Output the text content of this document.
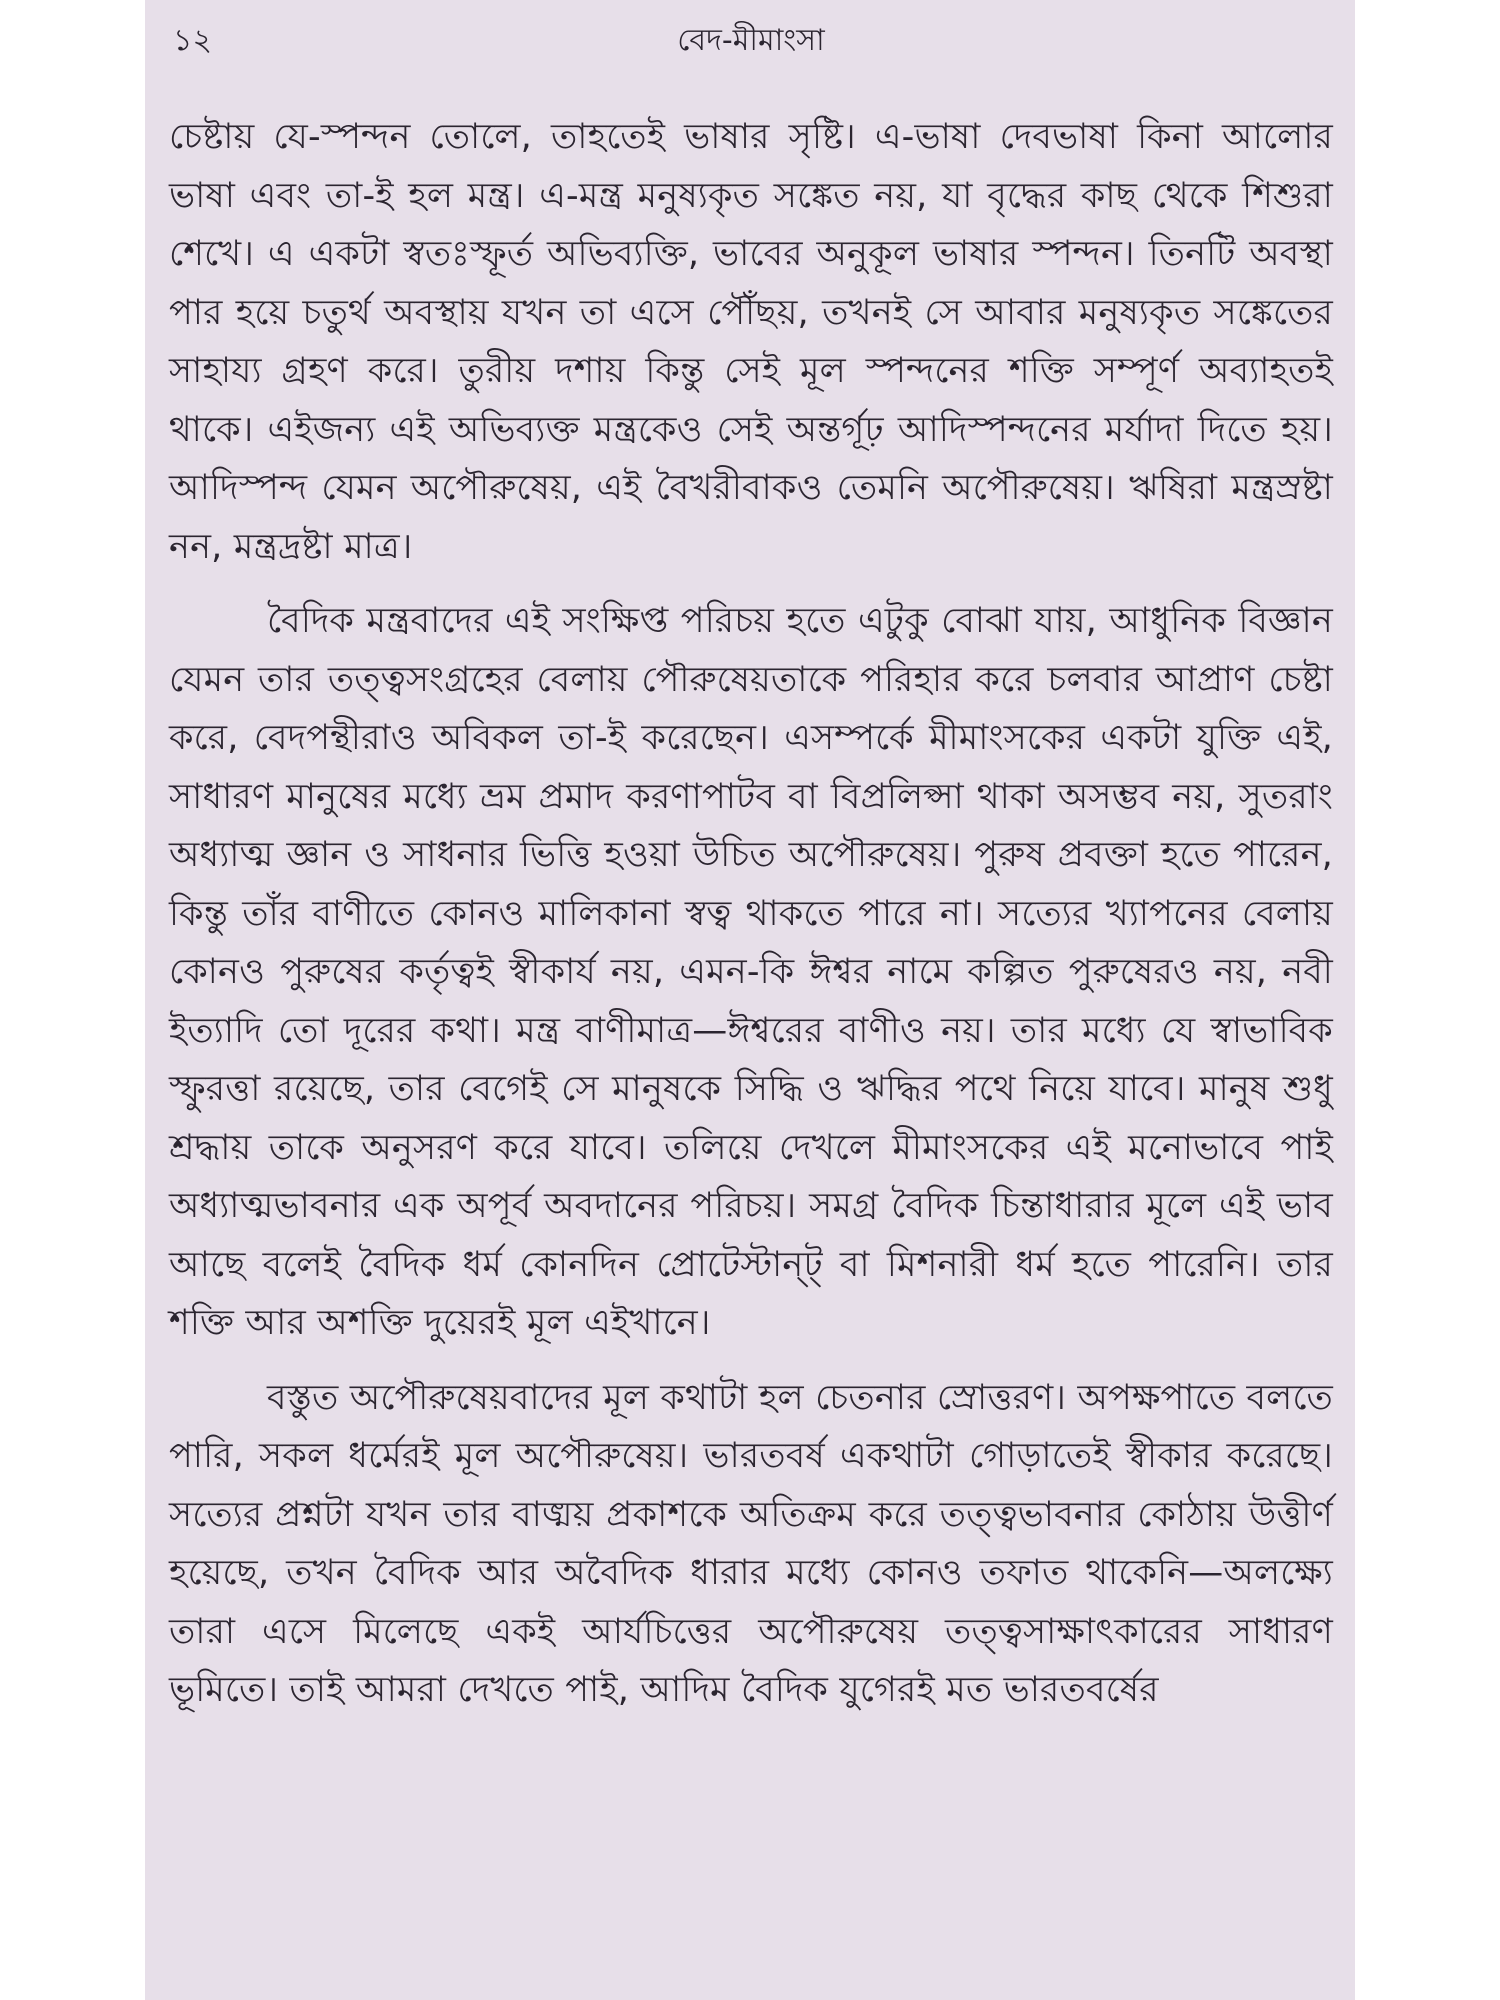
১২	বেদ-মীমাংসা

চেষ্টায় যে-স্পন্দন তোলে, তাহতেই ভাষার সৃষ্টি। এ-ভাষা দেবভাষা কিনা আলোর ভাষা এবং তা-ই হল মন্ত্র। এ-মন্ত্র মনুষ্যকৃত সঙ্কেত নয়, যা বৃদ্ধের কাছ থেকে শিশুরা শেখে। এ একটা স্বতঃস্ফূর্ত অভিব্যক্তি, ভাবের অনুকূল ভাষার স্পন্দন। তিনটি অবস্থা পার হয়ে চতুর্থ অবস্থায় যখন তা এসে পৌঁছয়, তখনই সে আবার মনুষ্যকৃত সঙ্কেতের সাহায্য গ্রহণ করে। তুরীয় দশায় কিন্তু সেই মূল স্পন্দনের শক্তি সম্পূর্ণ অব্যাহতই থাকে। এইজন্য এই অভিব্যক্ত মন্ত্রকেও সেই অন্তর্গূঢ় আদিস্পন্দনের মর্যাদা দিতে হয়। আদিস্পন্দ যেমন অপৌরুষেয়, এই বৈখরীবাকও তেমনি অপৌরুষেয়। ঋষিরা মন্ত্রস্রষ্টা নন, মন্ত্রদ্রষ্টা মাত্র।

বৈদিক মন্ত্রবাদের এই সংক্ষিপ্ত পরিচয় হতে এটুকু বোঝা যায়, আধুনিক বিজ্ঞান যেমন তার তত্ত্বসংগ্রহের বেলায় পৌরুষেয়তাকে পরিহার করে চলবার আপ্রাণ চেষ্টা করে, বেদপন্থীরাও অবিকল তা-ই করেছেন। এসম্পর্কে মীমাংসকের একটা যুক্তি এই, সাধারণ মানুষের মধ্যে ভ্রম প্রমাদ করণাপাটব বা বিপ্রলিপ্সা থাকা অসম্ভব নয়, সুতরাং অধ্যাত্ম জ্ঞান ও সাধনার ভিত্তি হওয়া উচিত অপৌরুষেয়। পুরুষ প্রবক্তা হতে পারেন, কিন্তু তাঁর বাণীতে কোনও মালিকানা স্বত্ব থাকতে পারে না। সত্যের খ্যাপনের বেলায় কোনও পুরুষের কর্তৃত্বই স্বীকার্য নয়, এমন-কি ঈশ্বর নামে কল্পিত পুরুষেরও নয়, নবী ইত্যাদি তো দূরের কথা। মন্ত্র বাণীমাত্র—ঈশ্বরের বাণীও নয়। তার মধ্যে যে স্বাভাবিক স্ফুরত্তা রয়েছে, তার বেগেই সে মানুষকে সিদ্ধি ও ঋদ্ধির পথে নিয়ে যাবে। মানুষ শুধু শ্রদ্ধায় তাকে অনুসরণ করে যাবে। তলিয়ে দেখলে মীমাংসকের এই মনোভাবে পাই অধ্যাত্মভাবনার এক অপূর্ব অবদানের পরিচয়। সমগ্র বৈদিক চিন্তাধারার মূলে এই ভাব আছে বলেই বৈদিক ধর্ম কোনদিন প্রোটেস্টান্ট্ বা মিশনারী ধর্ম হতে পারেনি। তার শক্তি আর অশক্তি দুয়েরই মূল এইখানে।

বস্তুত অপৌরুষেয়বাদের মূল কথাটা হল চেতনার স্রোত্তরণ। অপক্ষপাতে বলতে পারি, সকল ধর্মেরই মূল অপৌরুষেয়। ভারতবর্ষ একথাটা গোড়াতেই স্বীকার করেছে। সত্যের প্রশ্নটা যখন তার বাঙ্ময় প্রকাশকে অতিক্রম করে তত্ত্বভাবনার কোঠায় উত্তীর্ণ হয়েছে, তখন বৈদিক আর অবৈদিক ধারার মধ্যে কোনও তফাত থাকেনি—অলক্ষ্যে তারা এসে মিলেছে একই আর্যচিত্তের অপৌরুষেয় তত্ত্বসাক্ষাৎকারের সাধারণ ভূমিতে। তাই আমরা দেখতে পাই, আদিম বৈদিক যুগেরই মত ভারতবর্ষের
